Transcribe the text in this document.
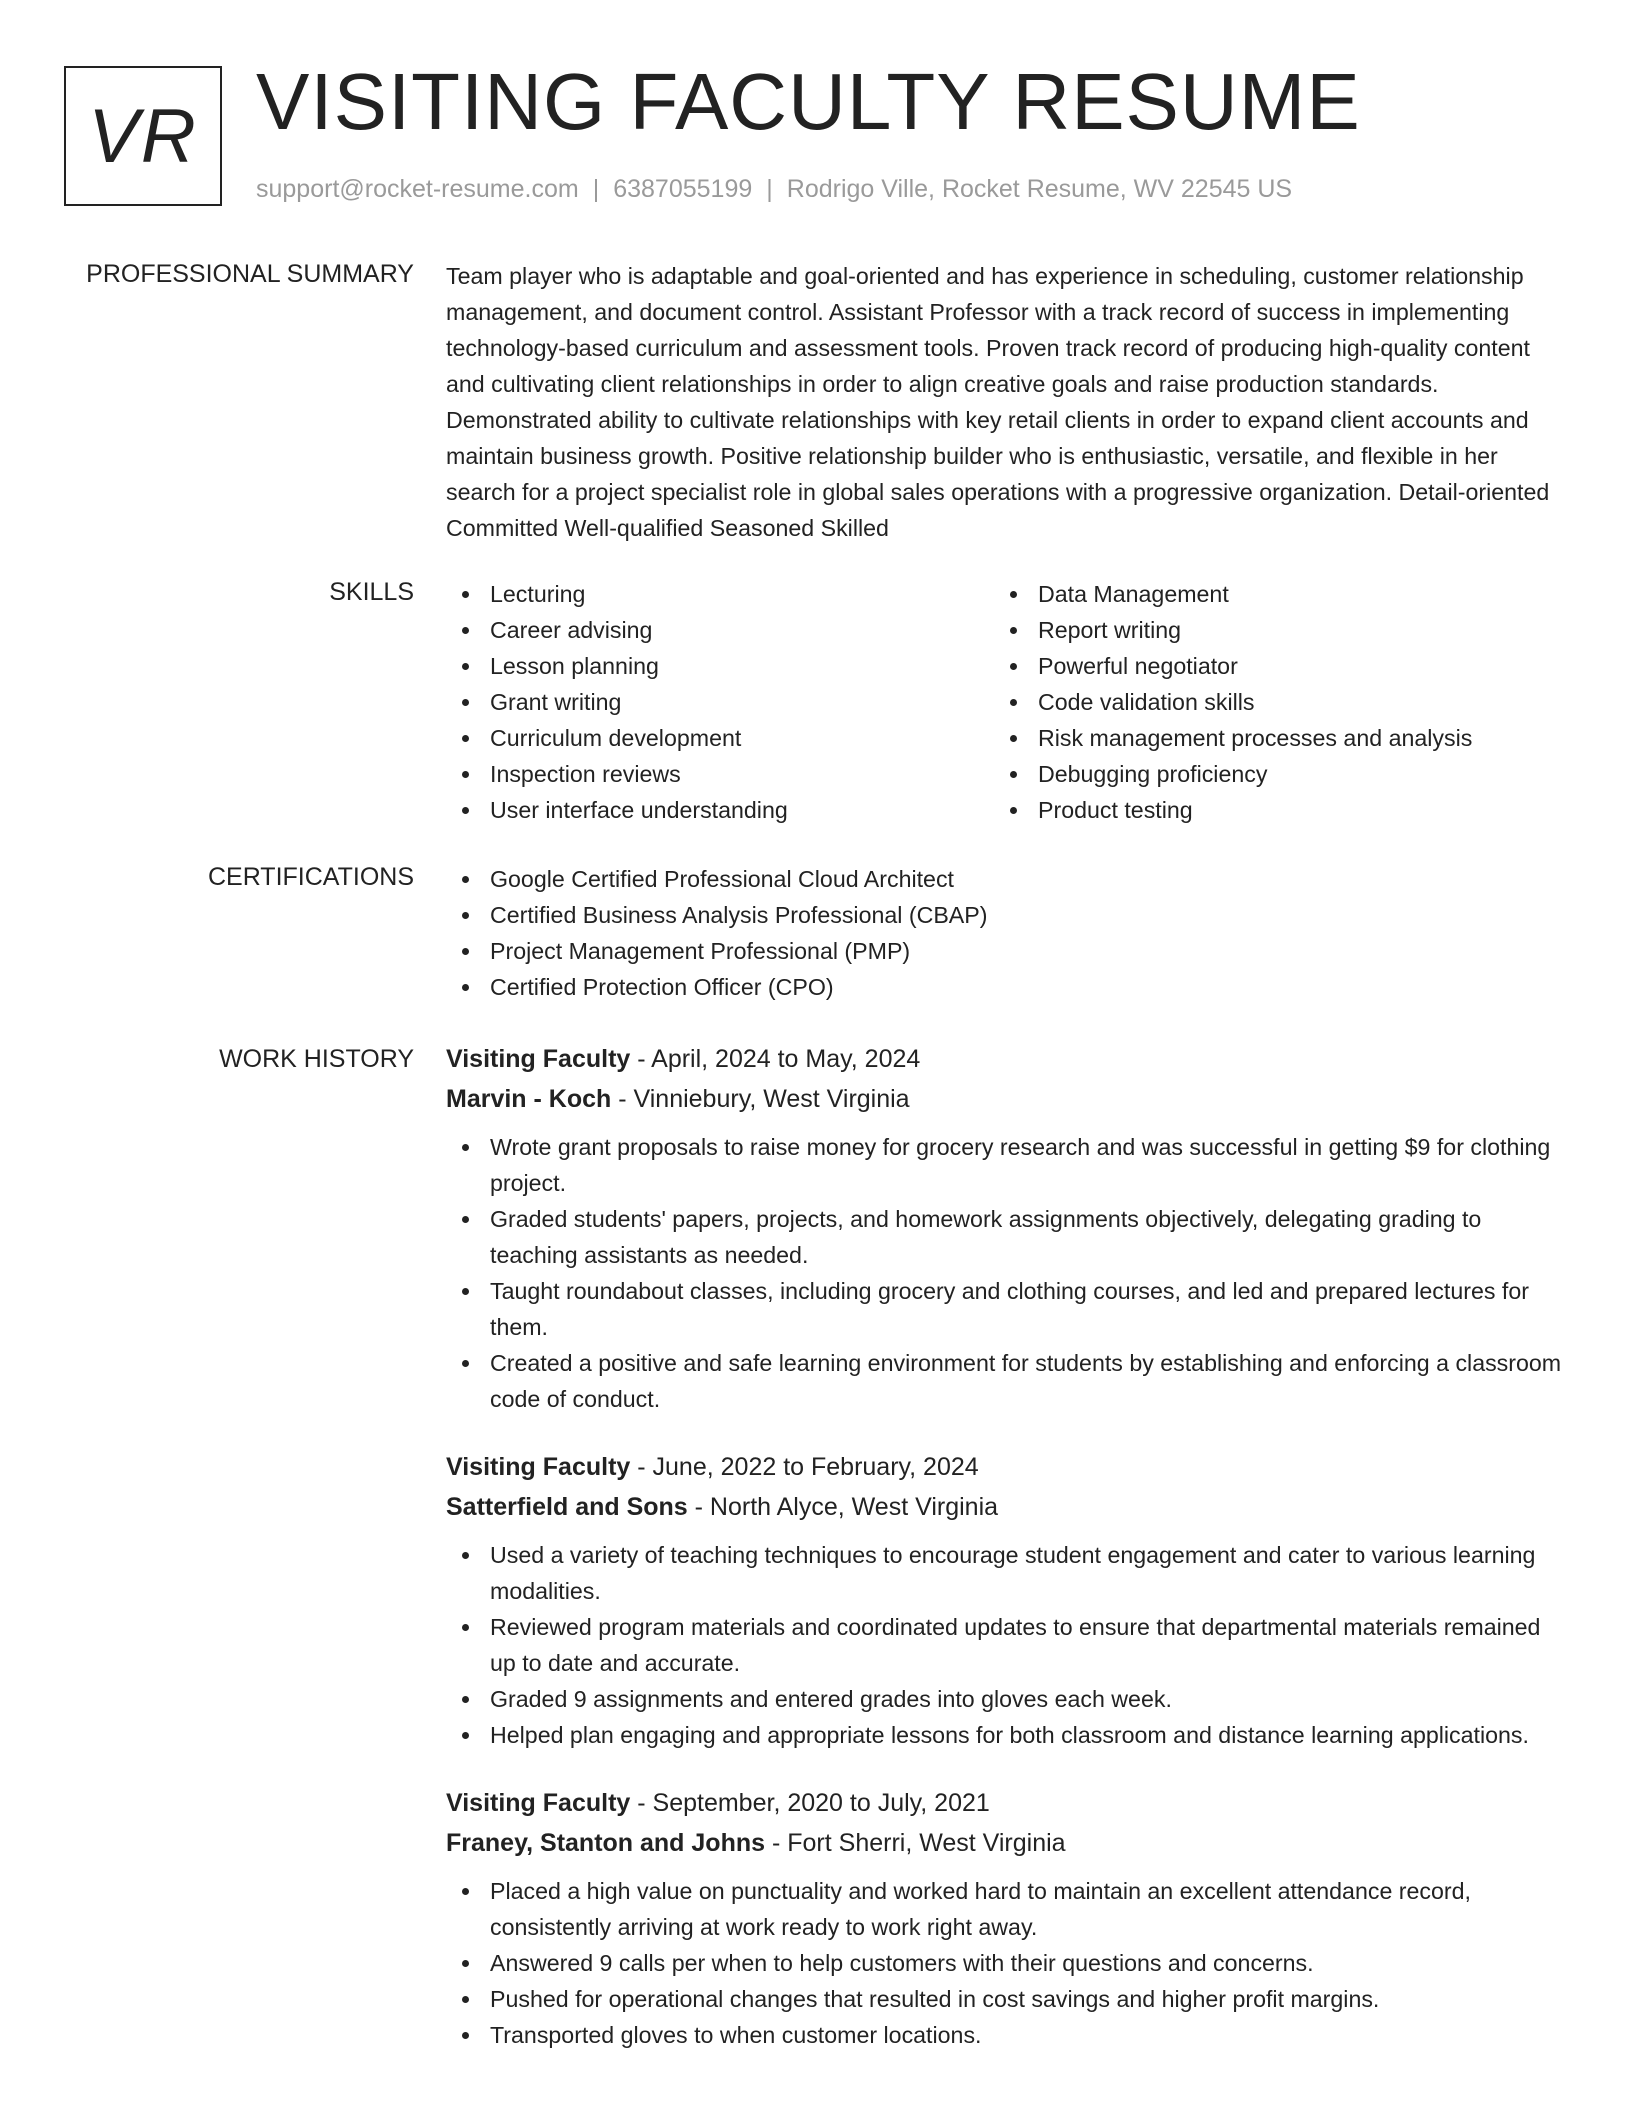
VR VISITING FACULTY RESUME
support@rocket-resume.com | 6387055199 | Rodrigo Ville, Rocket Resume, WV 22545 US
PROFESSIONAL SUMMARY Team player who is adaptable and goal-oriented and has experience in scheduling, customer relationship management, and document control. Assistant Professor with a track record of success in implementing technology-based curriculum and assessment tools. Proven track record of producing high-quality content and cultivating client relationships in order to align creative goals and raise production standards. Demonstrated ability to cultivate relationships with key retail clients in order to expand client accounts and maintain business growth. Positive relationship builder who is enthusiastic, versatile, and flexible in her search for a project specialist role in global sales operations with a progressive organization. Detail-oriented Committed Well-qualified Seasoned Skilled

SKILLS	Lecturing
Career advising
Lesson planning
Grant writing
Curriculum development
Inspection reviews
User interface understanding
Data Management
Report writing
Powerful negotiator
Code validation skills
Risk management processes and analysis
Debugging proficiency
Product testing
CERTIFICATIONS	Google Certified Professional Cloud Architect
Certified Business Analysis Professional (CBAP)
Project Management Professional (PMP)
Certified Protection Officer (CPO)
WORK HISTORY Visiting Faculty - April, 2024 to May, 2024
Marvin - Koch - Vinniebury, West Virginia
Wrote grant proposals to raise money for grocery research and was successful in getting $9 for clothing project.
Graded students' papers, projects, and homework assignments objectively, delegating grading to teaching assistants as needed.
Taught roundabout classes, including grocery and clothing courses, and led and prepared lectures for them.
Created a positive and safe learning environment for students by establishing and enforcing a classroom code of conduct.
Visiting Faculty - June, 2022 to February, 2024
Satterfield and Sons - North Alyce, West Virginia
Used a variety of teaching techniques to encourage student engagement and cater to various learning modalities.
Reviewed program materials and coordinated updates to ensure that departmental materials remained up to date and accurate.
Graded 9 assignments and entered grades into gloves each week.
Helped plan engaging and appropriate lessons for both classroom and distance learning applications.
Visiting Faculty - September, 2020 to July, 2021
Franey, Stanton and Johns - Fort Sherri, West Virginia
Placed a high value on punctuality and worked hard to maintain an excellent attendance record, consistently arriving at work ready to work right away.
Answered 9 calls per when to help customers with their questions and concerns.
Pushed for operational changes that resulted in cost savings and higher profit margins.
Transported gloves to when customer locations.
